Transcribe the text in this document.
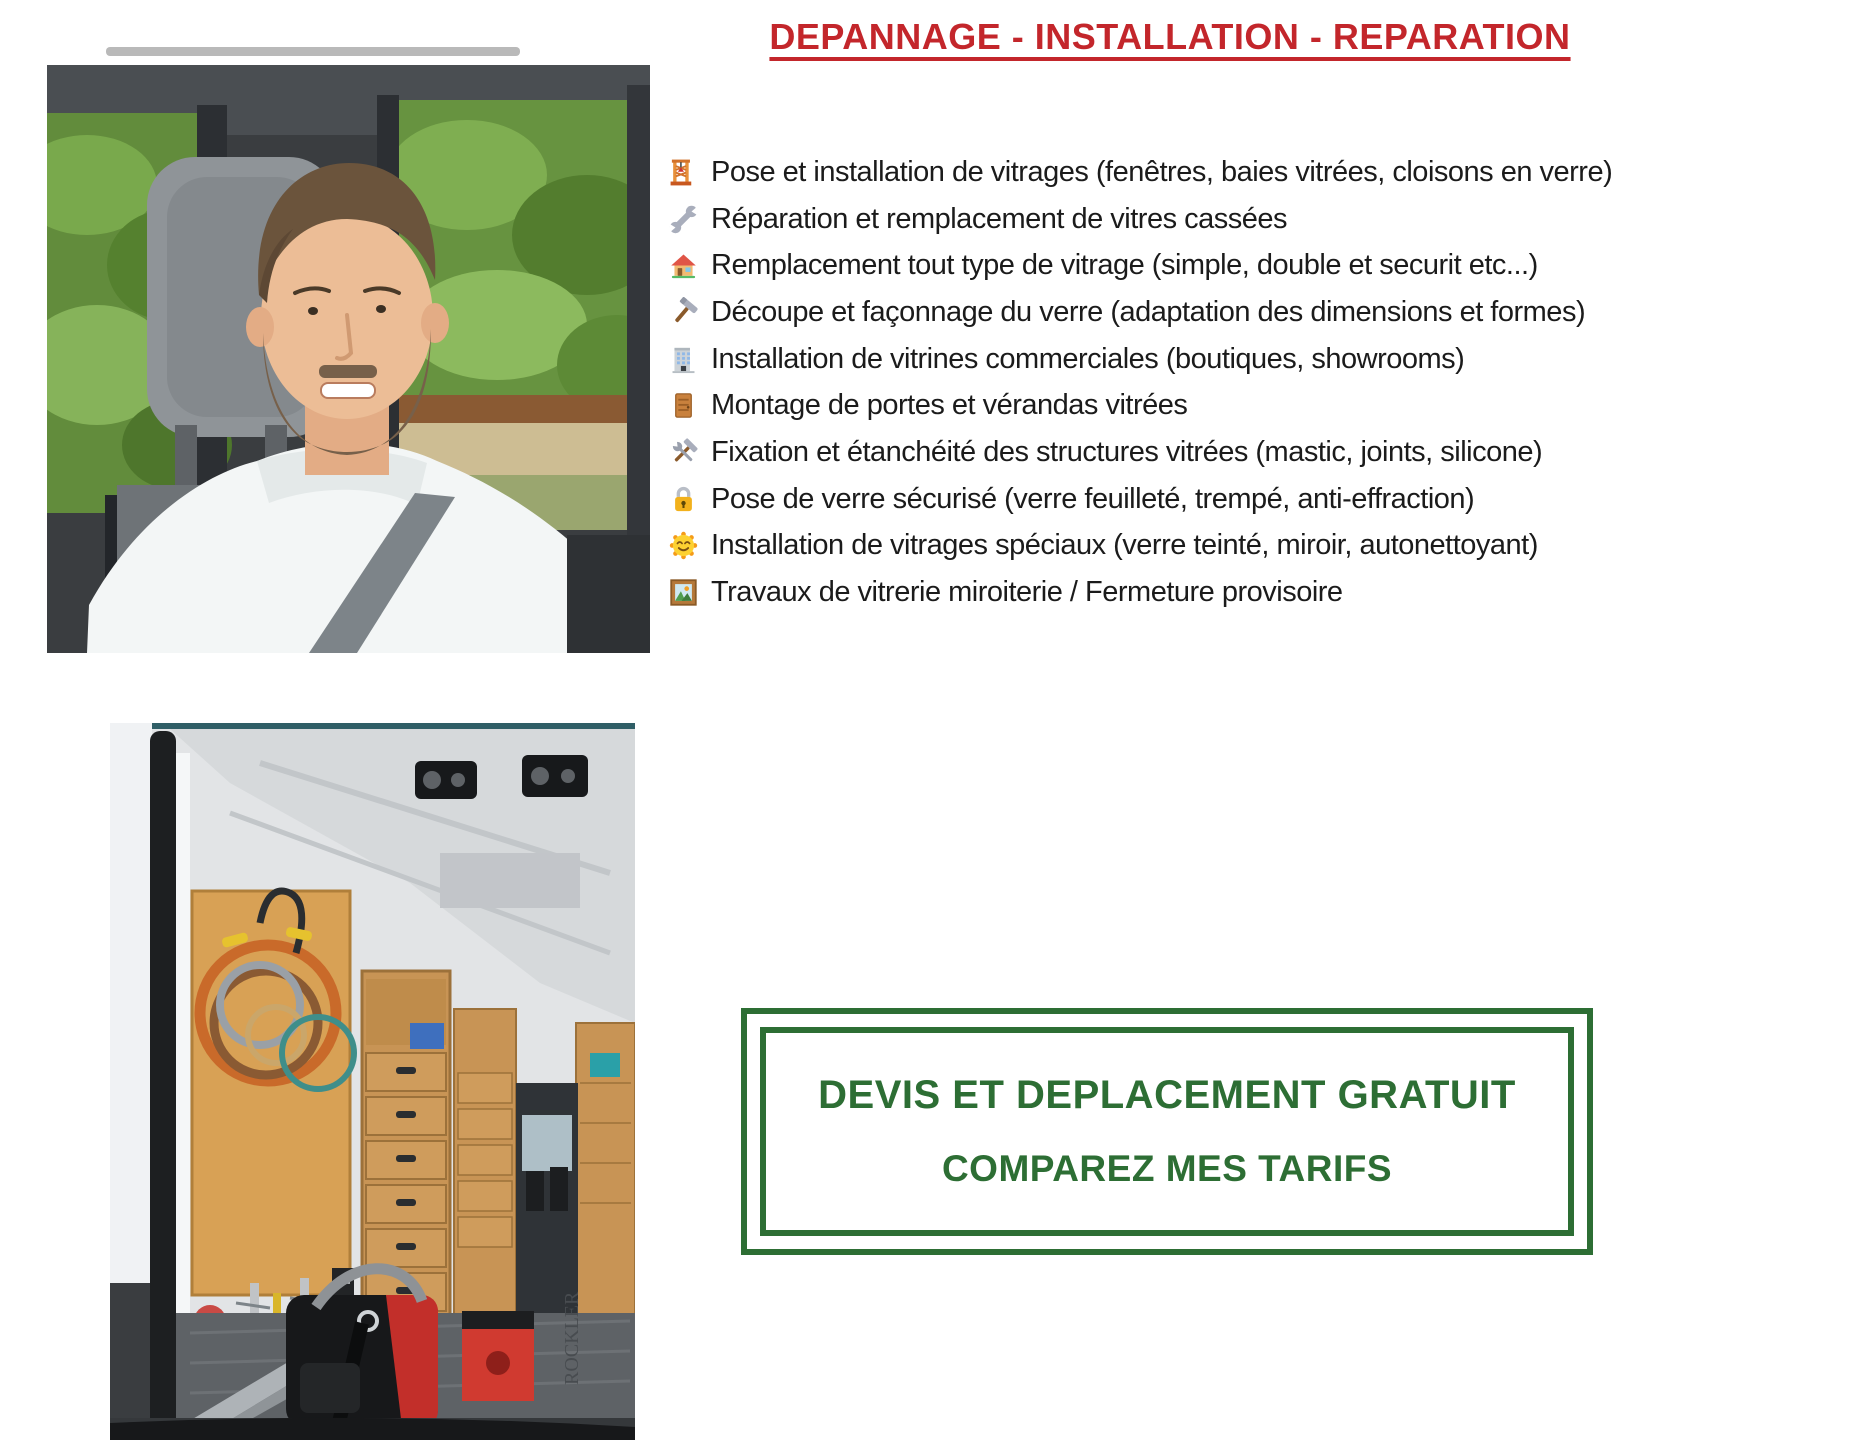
DEPANNAGE - INSTALLATION - REPARATION
Pose et installation de vitrages (fenêtres, baies vitrées, cloisons en verre)
Réparation et remplacement de vitres cassées
Remplacement tout type de vitrage (simple, double et securit etc...)
Découpe et façonnage du verre (adaptation des dimensions et formes)
Installation de vitrines commerciales (boutiques, showrooms)
Montage de portes et vérandas vitrées
Fixation et étanchéité des structures vitrées (mastic, joints, silicone)
Pose de verre sécurisé (verre feuilleté, trempé, anti-effraction)
Installation de vitrages spéciaux (verre teinté, miroir, autonettoyant)
Travaux de vitrerie miroiterie / Fermeture provisoire
ROCKLER
DEVIS ET DEPLACEMENT GRATUIT
COMPAREZ MES TARIFS
